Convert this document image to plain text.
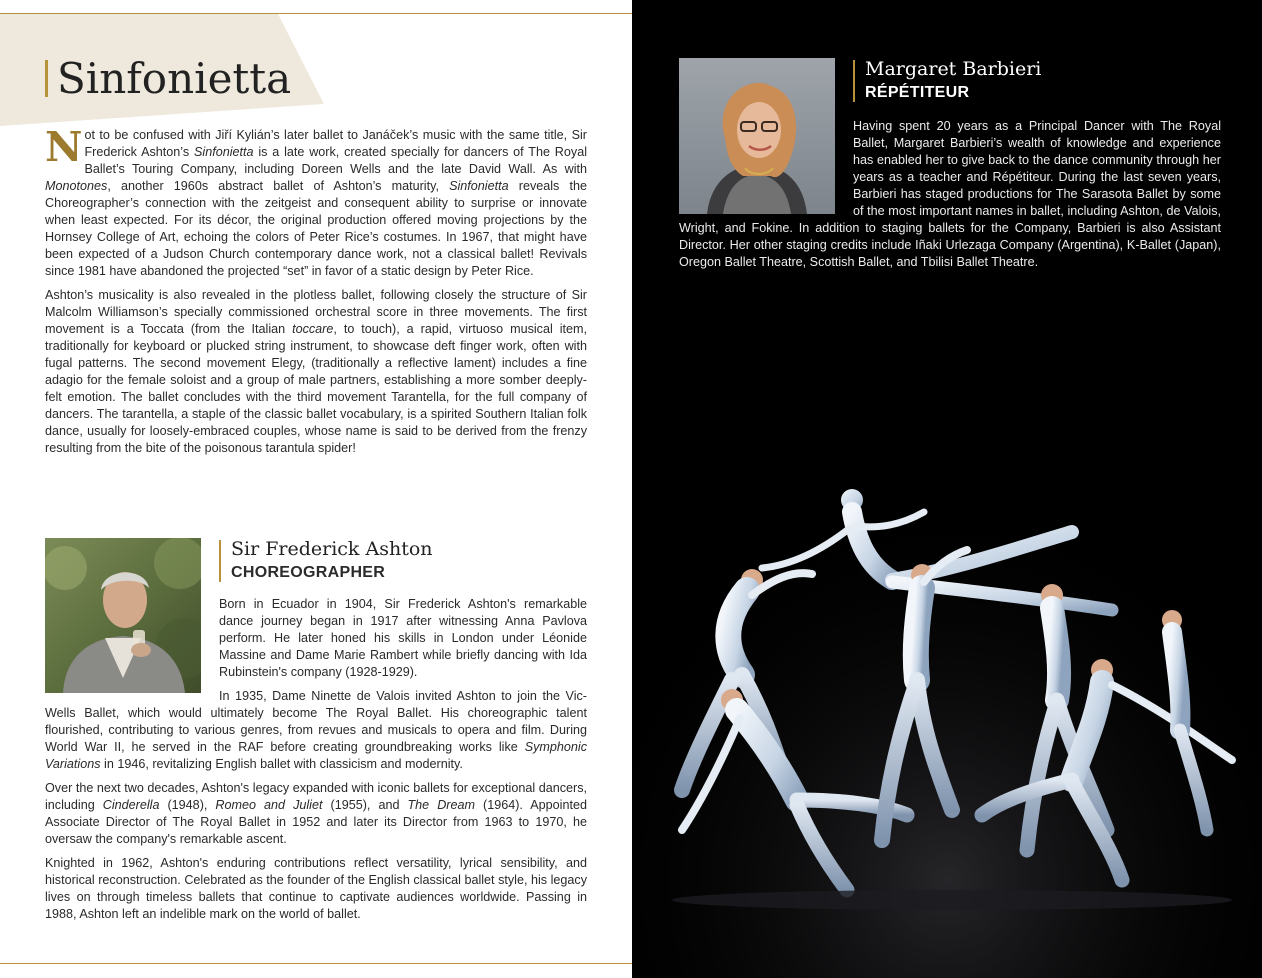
Sinfonietta

Not to be confused with Jiří Kylián’s later ballet to Janáček’s music with the same title, Sir Frederick Ashton’s Sinfonietta is a late work, created specially for dancers of The Royal Ballet’s Touring Company, including Doreen Wells and the late David Wall. As with Monotones, another 1960s abstract ballet of Ashton’s maturity, Sinfonietta reveals the Choreographer’s connection with the zeitgeist and consequent ability to surprise or innovate when least expected. For its décor, the original production offered moving projections by the Hornsey College of Art, echoing the colors of Peter Rice’s costumes. In 1967, that might have been expected of a Judson Church contemporary dance work, not a classical ballet! Revivals since 1981 have abandoned the projected “set” in favor of a static design by Peter Rice.

Ashton’s musicality is also revealed in the plotless ballet, following closely the structure of Sir Malcolm Williamson’s specially commissioned orchestral score in three movements. The first movement is a Toccata (from the Italian toccare, to touch), a rapid, virtuoso musical item, traditionally for keyboard or plucked string instrument, to showcase deft finger work, often with fugal patterns. The second movement Elegy, (traditionally a reflective lament) includes a fine adagio for the female soloist and a group of male partners, establishing a more somber deeply-felt emotion. The ballet concludes with the third movement Tarantella, for the full company of dancers. The tarantella, a staple of the classic ballet vocabulary, is a spirited Southern Italian folk dance, usually for loosely-embraced couples, whose name is said to be derived from the frenzy resulting from the bite of the poisonous tarantula spider!

Sir Frederick Ashton
CHOREOGRAPHER

Born in Ecuador in 1904, Sir Frederick Ashton's remarkable dance journey began in 1917 after witnessing Anna Pavlova perform. He later honed his skills in London under Léonide Massine and Dame Marie Rambert while briefly dancing with Ida Rubinstein's company (1928-1929).

In 1935, Dame Ninette de Valois invited Ashton to join the Vic-Wells Ballet, which would ultimately become The Royal Ballet. His choreographic talent flourished, contributing to various genres, from revues and musicals to opera and film. During World War II, he served in the RAF before creating groundbreaking works like Symphonic Variations in 1946, revitalizing English ballet with classicism and modernity.

Over the next two decades, Ashton's legacy expanded with iconic ballets for exceptional dancers, including Cinderella (1948), Romeo and Juliet (1955), and The Dream (1964). Appointed Associate Director of The Royal Ballet in 1952 and later its Director from 1963 to 1970, he oversaw the company's remarkable ascent.

Knighted in 1962, Ashton's enduring contributions reflect versatility, lyrical sensibility, and historical reconstruction. Celebrated as the founder of the English classical ballet style, his legacy lives on through timeless ballets that continue to captivate audiences worldwide. Passing in 1988, Ashton left an indelible mark on the world of ballet.

Margaret Barbieri
RÉPÉTITEUR

Having spent 20 years as a Principal Dancer with The Royal Ballet, Margaret Barbieri’s wealth of knowledge and experience has enabled her to give back to the dance community through her years as a teacher and Répétiteur. During the last seven years, Barbieri has staged productions for The Sarasota Ballet by some of the most important names in ballet, including Ashton, de Valois, Wright, and Fokine. In addition to staging ballets for the Company, Barbieri is also Assistant Director. Her other staging credits include Iñaki Urlezaga Company (Argentina), K-Ballet (Japan), Oregon Ballet Theatre, Scottish Ballet, and Tbilisi Ballet Theatre.
